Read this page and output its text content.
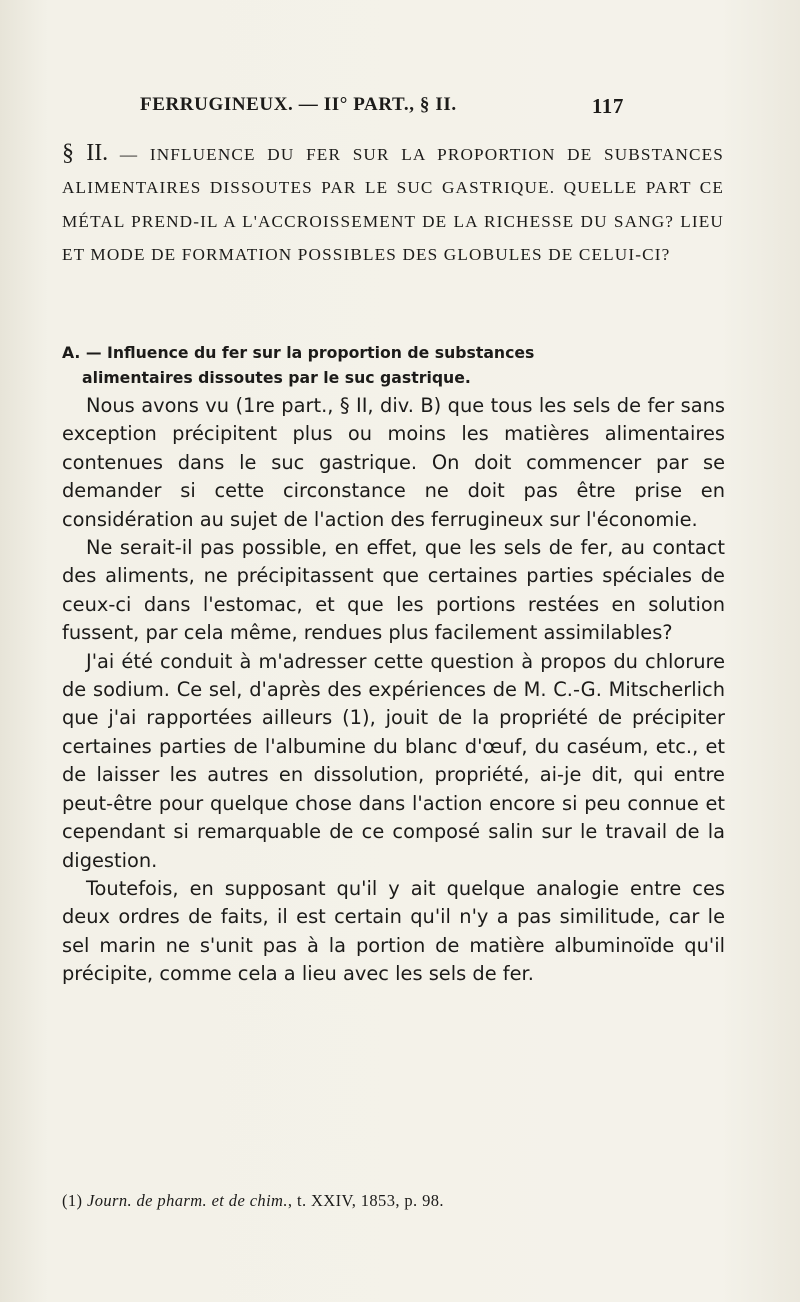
FERRUGINEUX. — II° PART., § II.	117
§ II. — INFLUENCE DU FER SUR LA PROPORTION DE SUBSTANCES ALIMENTAIRES DISSOUTES PAR LE SUC GASTRIQUE. QUELLE PART CE MÉTAL PREND-IL A L'ACCROISSEMENT DE LA RICHESSE DU SANG? LIEU ET MODE DE FORMATION POSSIBLES DES GLOBULES DE CELUI-CI?
A. — Influence du fer sur la proportion de substances
alimentaires dissoutes par le suc gastrique.

Nous avons vu (1re part., § II, div. B) que tous les sels de fer sans exception précipitent plus ou moins les matières alimentaires contenues dans le suc gastrique. On doit commencer par se demander si cette circonstance ne doit pas être prise en considération au sujet de l'action des ferrugineux sur l'économie.

Ne serait-il pas possible, en effet, que les sels de fer, au contact des aliments, ne précipitassent que certaines parties spéciales de ceux-ci dans l'estomac, et que les portions restées en solution fussent, par cela même, rendues plus facilement assimilables?

J'ai été conduit à m'adresser cette question à propos du chlorure de sodium. Ce sel, d'après des expériences de M. C.-G. Mitscherlich que j'ai rapportées ailleurs (1), jouit de la propriété de précipiter certaines parties de l'albumine du blanc d'œuf, du caséum, etc., et de laisser les autres en dissolution, propriété, ai-je dit, qui entre peut-être pour quelque chose dans l'action encore si peu connue et cependant si remarquable de ce composé salin sur le travail de la digestion.

Toutefois, en supposant qu'il y ait quelque analogie entre ces deux ordres de faits, il est certain qu'il n'y a pas similitude, car le sel marin ne s'unit pas à la portion de matière albuminoïde qu'il précipite, comme cela a lieu avec les sels de fer.

(1) Journ. de pharm. et de chim., t. XXIV, 1853, p. 98.
